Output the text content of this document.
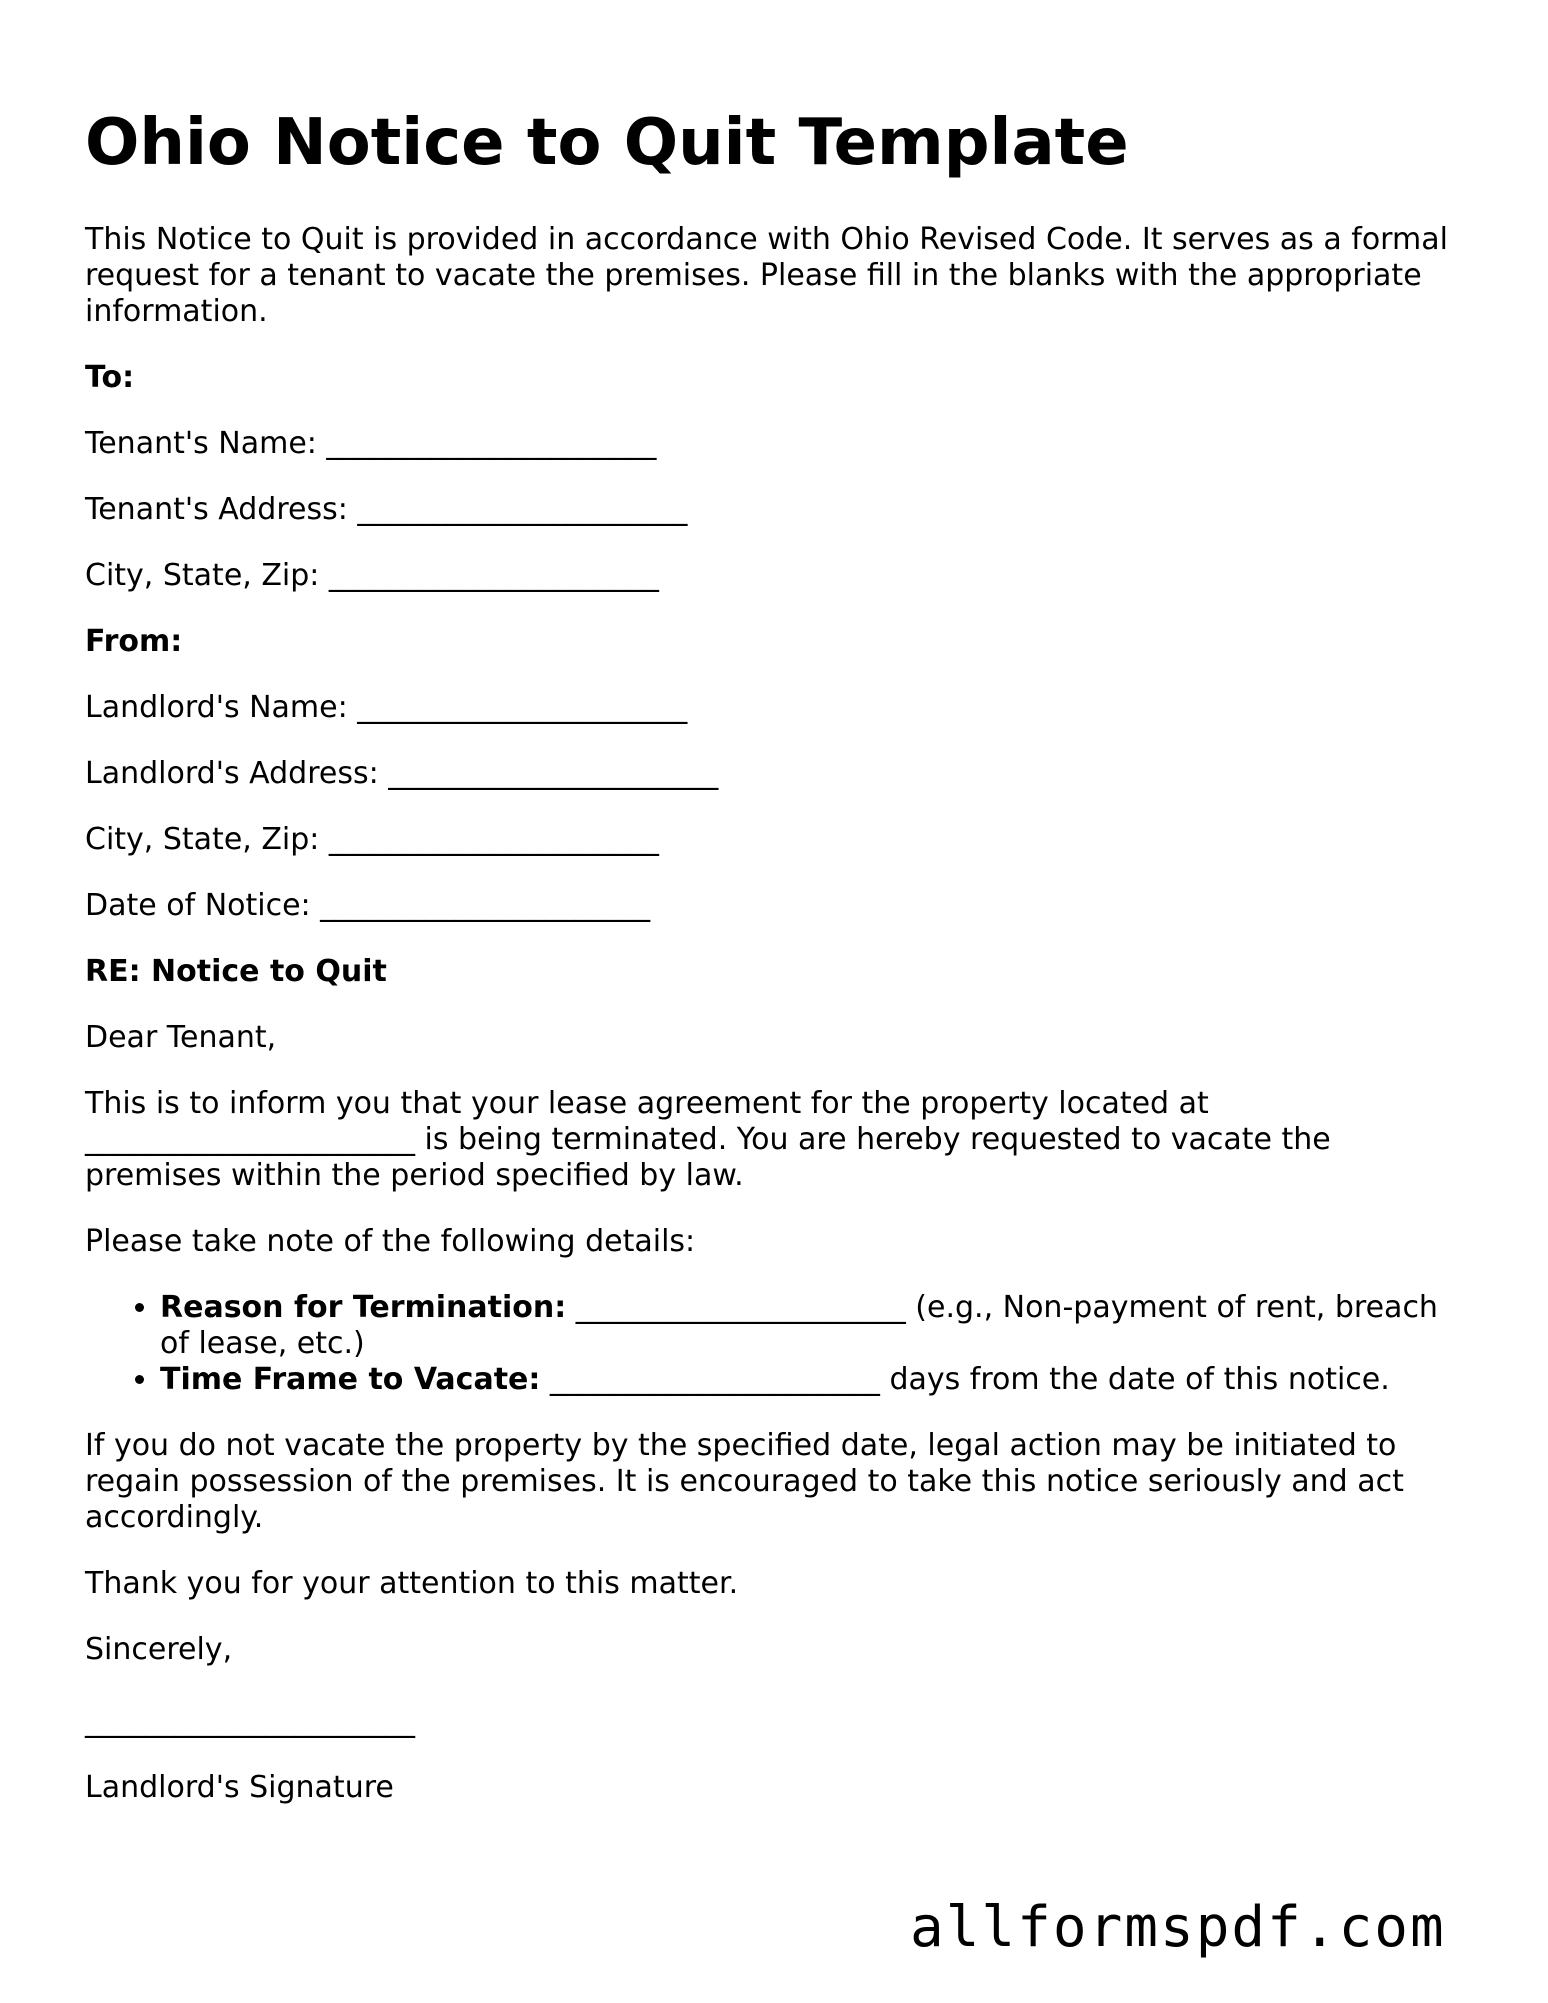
Ohio Notice to Quit Template

This Notice to Quit is provided in accordance with Ohio Revised Code. It serves as a formal request for a tenant to vacate the premises. Please fill in the blanks with the appropriate information.

To:

Tenant's Name: ______________________

Tenant's Address: ______________________

City, State, Zip: ______________________

From:

Landlord's Name: ______________________

Landlord's Address: ______________________

City, State, Zip: ______________________

Date of Notice: ______________________

RE: Notice to Quit

Dear Tenant,

This is to inform you that your lease agreement for the property located at ______________________ is being terminated. You are hereby requested to vacate the premises within the period specified by law.

Please take note of the following details:

• Reason for Termination: ______________________ (e.g., Non-payment of rent, breach of lease, etc.)
• Time Frame to Vacate: ______________________ days from the date of this notice.

If you do not vacate the property by the specified date, legal action may be initiated to regain possession of the premises. It is encouraged to take this notice seriously and act accordingly.

Thank you for your attention to this matter.

Sincerely,

______________________

Landlord's Signature

allformspdf.com
